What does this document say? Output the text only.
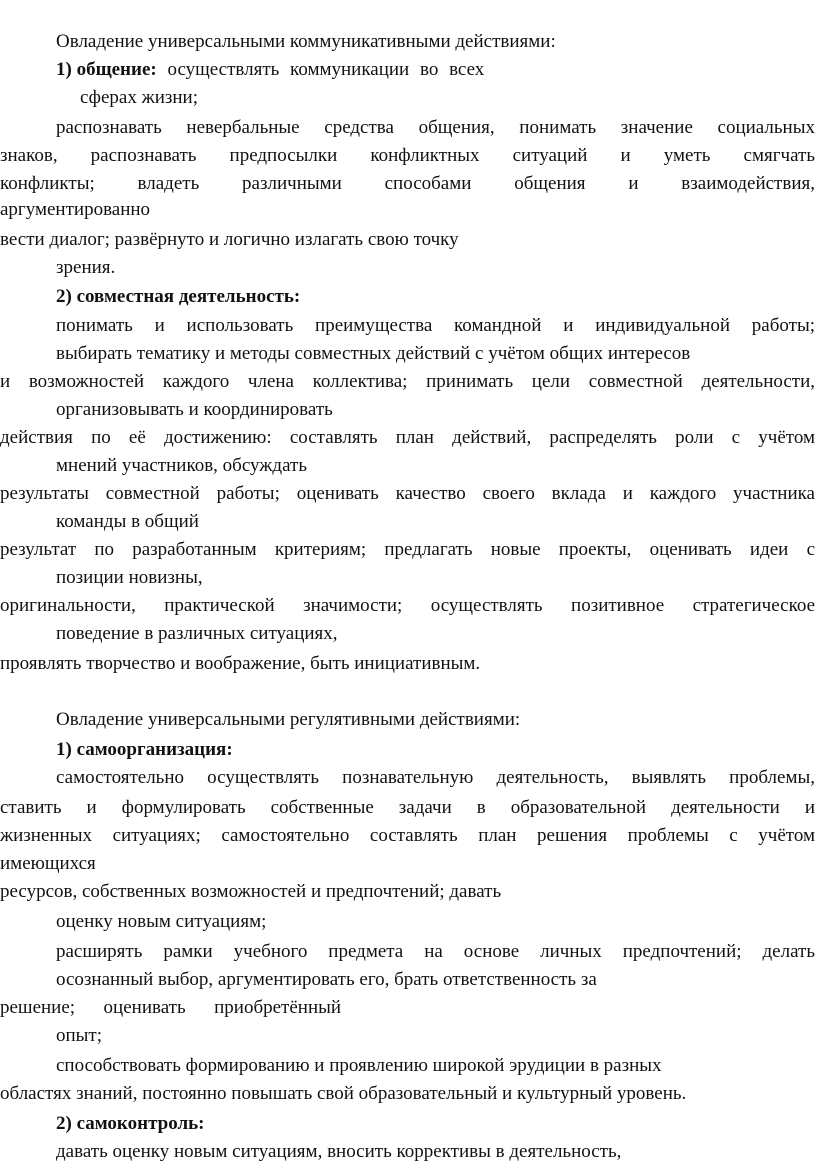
Овладение универсальными коммуникативными действиями:
1) общение: осуществлять коммуникации во всех
сферах жизни;
распознавать невербальные средства общения, понимать значение социальных
знаков, распознавать предпосылки конфликтных ситуаций и уметь смягчать
конфликты; владеть различными способами общения и взаимодействия,
аргументированно
вести диалог; развёрнуто и логично излагать свою точку
зрения.
2) совместная деятельность:
понимать и использовать преимущества командной и индивидуальной работы;
выбирать тематику и методы совместных действий с учётом общих интересов
и возможностей каждого члена коллектива; принимать цели совместной деятельности,
организовывать и координировать
действия по её достижению: составлять план действий, распределять роли с учётом
мнений участников, обсуждать
результаты совместной работы; оценивать качество своего вклада и каждого участника
команды в общий
результат по разработанным критериям; предлагать новые проекты, оценивать идеи с
позиции новизны,
оригинальности, практической значимости; осуществлять позитивное стратегическое
поведение в различных ситуациях,
проявлять творчество и воображение, быть инициативным.
Овладение универсальными регулятивными действиями:
1) самоорганизация:
самостоятельно осуществлять познавательную деятельность, выявлять проблемы,
ставить и формулировать собственные задачи в образовательной деятельности и
жизненных ситуациях; самостоятельно составлять план решения проблемы с учётом
имеющихся
ресурсов, собственных возможностей и предпочтений; давать
оценку новым ситуациям;
расширять рамки учебного предмета на основе личных предпочтений; делать
осознанный выбор, аргументировать его, брать ответственность за
решение;      оценивать      приобретённый
опыт;
способствовать формированию и проявлению широкой эрудиции в разных
областях знаний, постоянно повышать свой образовательный и культурный уровень.
2) самоконтроль:
давать оценку новым ситуациям, вносить коррективы в деятельность,
